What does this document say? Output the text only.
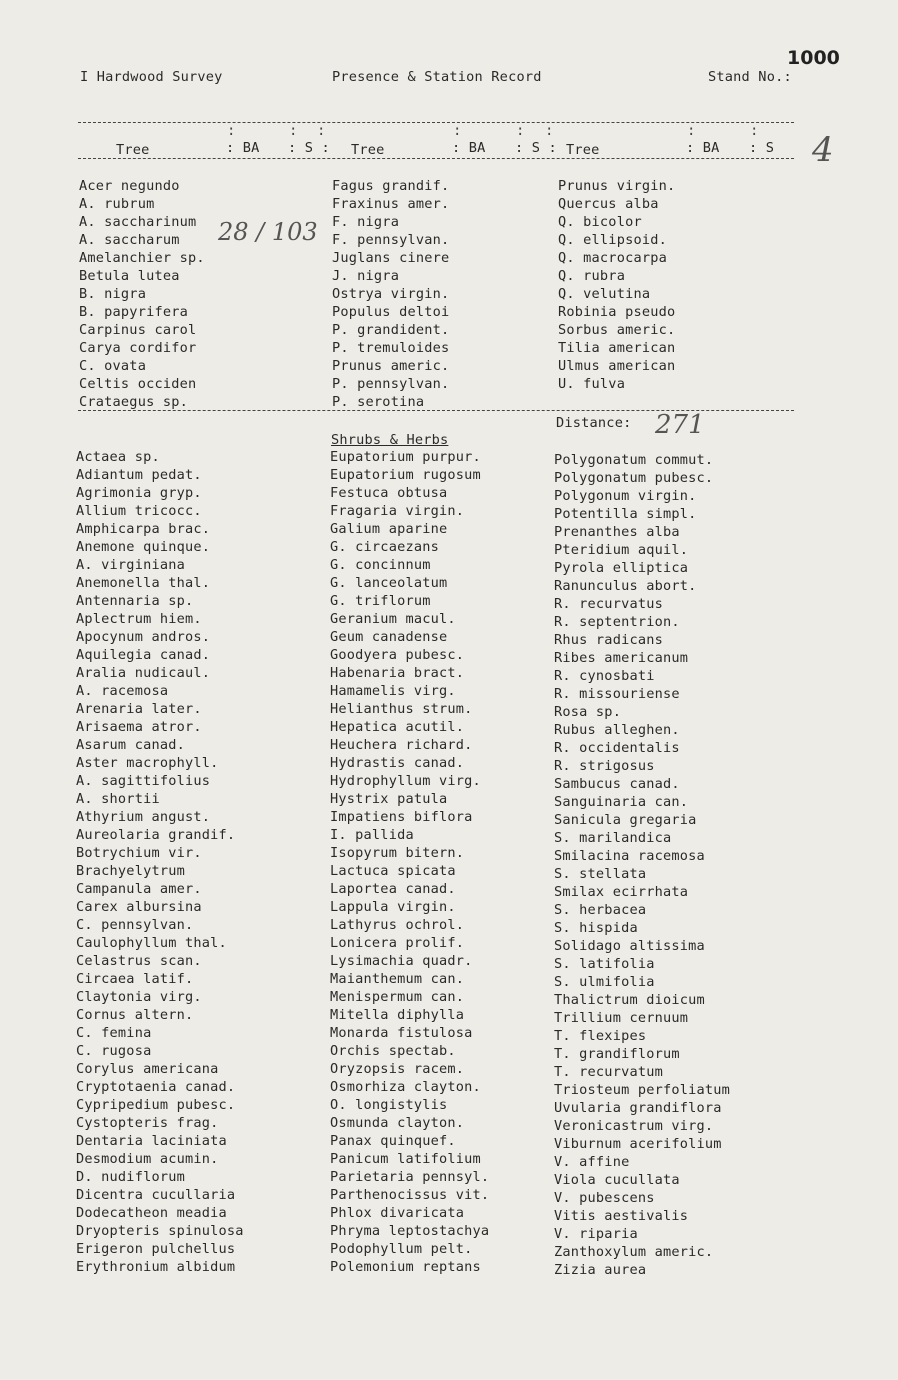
I Hardwood Survey	Presence & Station Record	Stand No.:
1000
:	: :	:	: :	:	:
Tree	: BA : S : Tree	: BA : S : Tree	: BA : S 4
Acer negundo
A. rubrum
A. saccharinum
A. saccharum
Amelanchier sp.
Betula lutea
B. nigra
B. papyrifera
Carpinus carol
Carya cordifor
C. ovata
Celtis occiden
Crataegus sp.
Fagus grandif.
Fraxinus amer.
F. nigra
F. pennsylvan.
Juglans cinere
J. nigra
Ostrya virgin.
Populus deltoi
P. grandident.
P. tremuloides
Prunus americ.
P. pennsylvan.
P. serotina
Prunus virgin.
Quercus alba
Q. bicolor
Q. ellipsoid.
Q. macrocarpa
Q. rubra
Q. velutina
Robinia pseudo
Sorbus americ.
Tilia american
Ulmus american
U. fulva
28 / 103
Distance: 271
Shrubs & Herbs
Actaea sp.
Adiantum pedat.
Agrimonia gryp.
Allium tricocc.
Amphicarpa brac.
Anemone quinque.
A. virginiana
Anemonella thal.
Antennaria sp.
Aplectrum hiem.
Apocynum andros.
Aquilegia canad.
Aralia nudicaul.
A. racemosa
Arenaria later.
Arisaema atror.
Asarum canad.
Aster macrophyll.
A. sagittifolius
A. shortii
Athyrium angust.
Aureolaria grandif.
Botrychium vir.
Brachyelytrum
Campanula amer.
Carex albursina
C. pennsylvan.
Caulophyllum thal.
Celastrus scan.
Circaea latif.
Claytonia virg.
Cornus altern.
C. femina
C. rugosa
Corylus americana
Cryptotaenia canad.
Cypripedium pubesc.
Cystopteris frag.
Dentaria laciniata
Desmodium acumin.
D. nudiflorum
Dicentra cucullaria
Dodecatheon meadia
Dryopteris spinulosa
Erigeron pulchellus
Erythronium albidum
Eupatorium purpur.
Eupatorium rugosum
Festuca obtusa
Fragaria virgin.
Galium aparine
G. circaezans
G. concinnum
G. lanceolatum
G. triflorum
Geranium macul.
Geum canadense
Goodyera pubesc.
Habenaria bract.
Hamamelis virg.
Helianthus strum.
Hepatica acutil.
Heuchera richard.
Hydrastis canad.
Hydrophyllum virg.
Hystrix patula
Impatiens biflora
I. pallida
Isopyrum bitern.
Lactuca spicata
Laportea canad.
Lappula virgin.
Lathyrus ochrol.
Lonicera prolif.
Lysimachia quadr.
Maianthemum can.
Menispermum can.
Mitella diphylla
Monarda fistulosa
Orchis spectab.
Oryzopsis racem.
Osmorhiza clayton.
O. longistylis
Osmunda clayton.
Panax quinquef.
Panicum latifolium
Parietaria pennsyl.
Parthenocissus vit.
Phlox divaricata
Phryma leptostachya
Podophyllum pelt.
Polemonium reptans
Polygonatum commut.
Polygonatum pubesc.
Polygonum virgin.
Potentilla simpl.
Prenanthes alba
Pteridium aquil.
Pyrola elliptica
Ranunculus abort.
R. recurvatus
R. septentrion.
Rhus radicans
Ribes americanum
R. cynosbati
R. missouriense
Rosa sp.
Rubus alleghen.
R. occidentalis
R. strigosus
Sambucus canad.
Sanguinaria can.
Sanicula gregaria
S. marilandica
Smilacina racemosa
S. stellata
Smilax ecirrhata
S. herbacea
S. hispida
Solidago altissima
S. latifolia
S. ulmifolia
Thalictrum dioicum
Trillium cernuum
T. flexipes
T. grandiflorum
T. recurvatum
Triosteum perfoliatum
Uvularia grandiflora
Veronicastrum virg.
Viburnum acerifolium
V. affine
Viola cucullata
V. pubescens
Vitis aestivalis
V. riparia
Zanthoxylum americ.
Zizia aurea
